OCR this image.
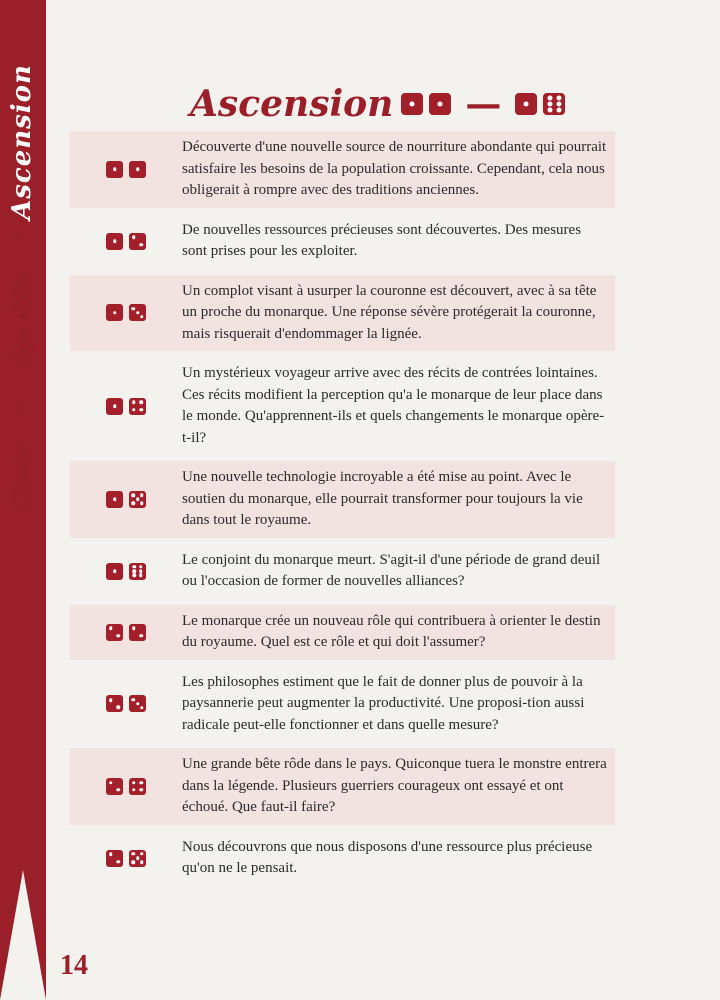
Ascension
•
Âge d'Or
•
Chute
Ascension —
Découverte d'une nouvelle source de nourriture abondante qui pourrait satisfaire les besoins de la population croissante. Cependant, cela nous obligerait à rompre avec des traditions anciennes.
De nouvelles ressources précieuses sont découvertes. Des mesures sont prises pour les exploiter.
Un complot visant à usurper la couronne est découvert, avec à sa tête un proche du monarque. Une réponse sévère protégerait la couronne, mais risquerait d'endommager la lignée.
Un mystérieux voyageur arrive avec des récits de contrées lointaines. Ces récits modifient la perception qu'a le monarque de leur place dans le monde. Qu'apprennent-ils et quels changements le monarque opère-t-il?
Une nouvelle technologie incroyable a été mise au point. Avec le soutien du monarque, elle pourrait transformer pour toujours la vie dans tout le royaume.
Le conjoint du monarque meurt. S'agit-il d'une période de grand deuil ou l'occasion de former de nouvelles alliances?
Le monarque crée un nouveau rôle qui contribuera à orienter le destin du royaume. Quel est ce rôle et qui doit l'assumer?
Les philosophes estiment que le fait de donner plus de pouvoir à la paysannerie peut augmenter la productivité. Une proposi-tion aussi radicale peut-elle fonctionner et dans quelle mesure?
Une grande bête rôde dans le pays. Quiconque tuera le monstre entrera dans la légende. Plusieurs guerriers courageux ont essayé et ont échoué. Que faut-il faire?
Nous découvrons que nous disposons d'une ressource plus précieuse qu'on ne le pensait.
14
